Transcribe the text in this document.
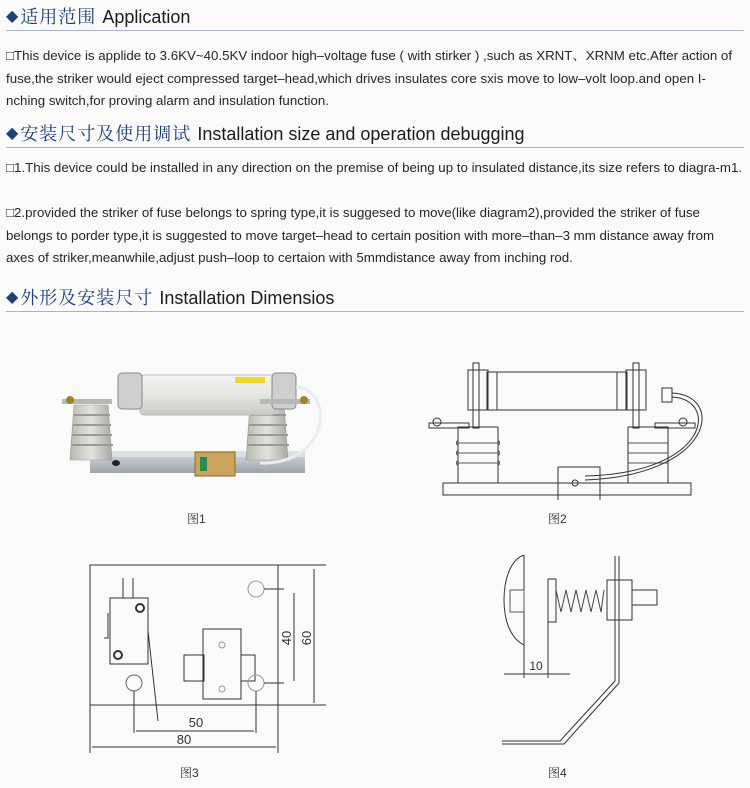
◆ 适用范围 Application
□This device is applide to 3.6KV~40.5KV indoor high–voltage fuse ( with stirker ) ,such as XRNT、XRNM etc.After action of fuse,the striker would eject compressed target–head,which drives insulates core sxis move to low–volt loop.and open I-nching switch,for proving alarm and insulation function.
◆ 安装尺寸及使用调试 Installation size and operation debugging
□1.This device could be installed in any direction on the premise of being up to insulated distance,its size refers to diagra-m1.
□2.provided the striker of fuse belongs to spring type,it is suggesed to move(like diagram2),provided the striker of fuse belongs to porder type,it is suggested to move target–head to certain position with more–than–3 mm distance away from axes of striker,meanwhile,adjust push–loop to certaion with 5mmdistance away from inching rod.
◆ 外形及安装尺寸 Installation Dimensios
图1	图2
50
80
40 60
图3
10
图4
